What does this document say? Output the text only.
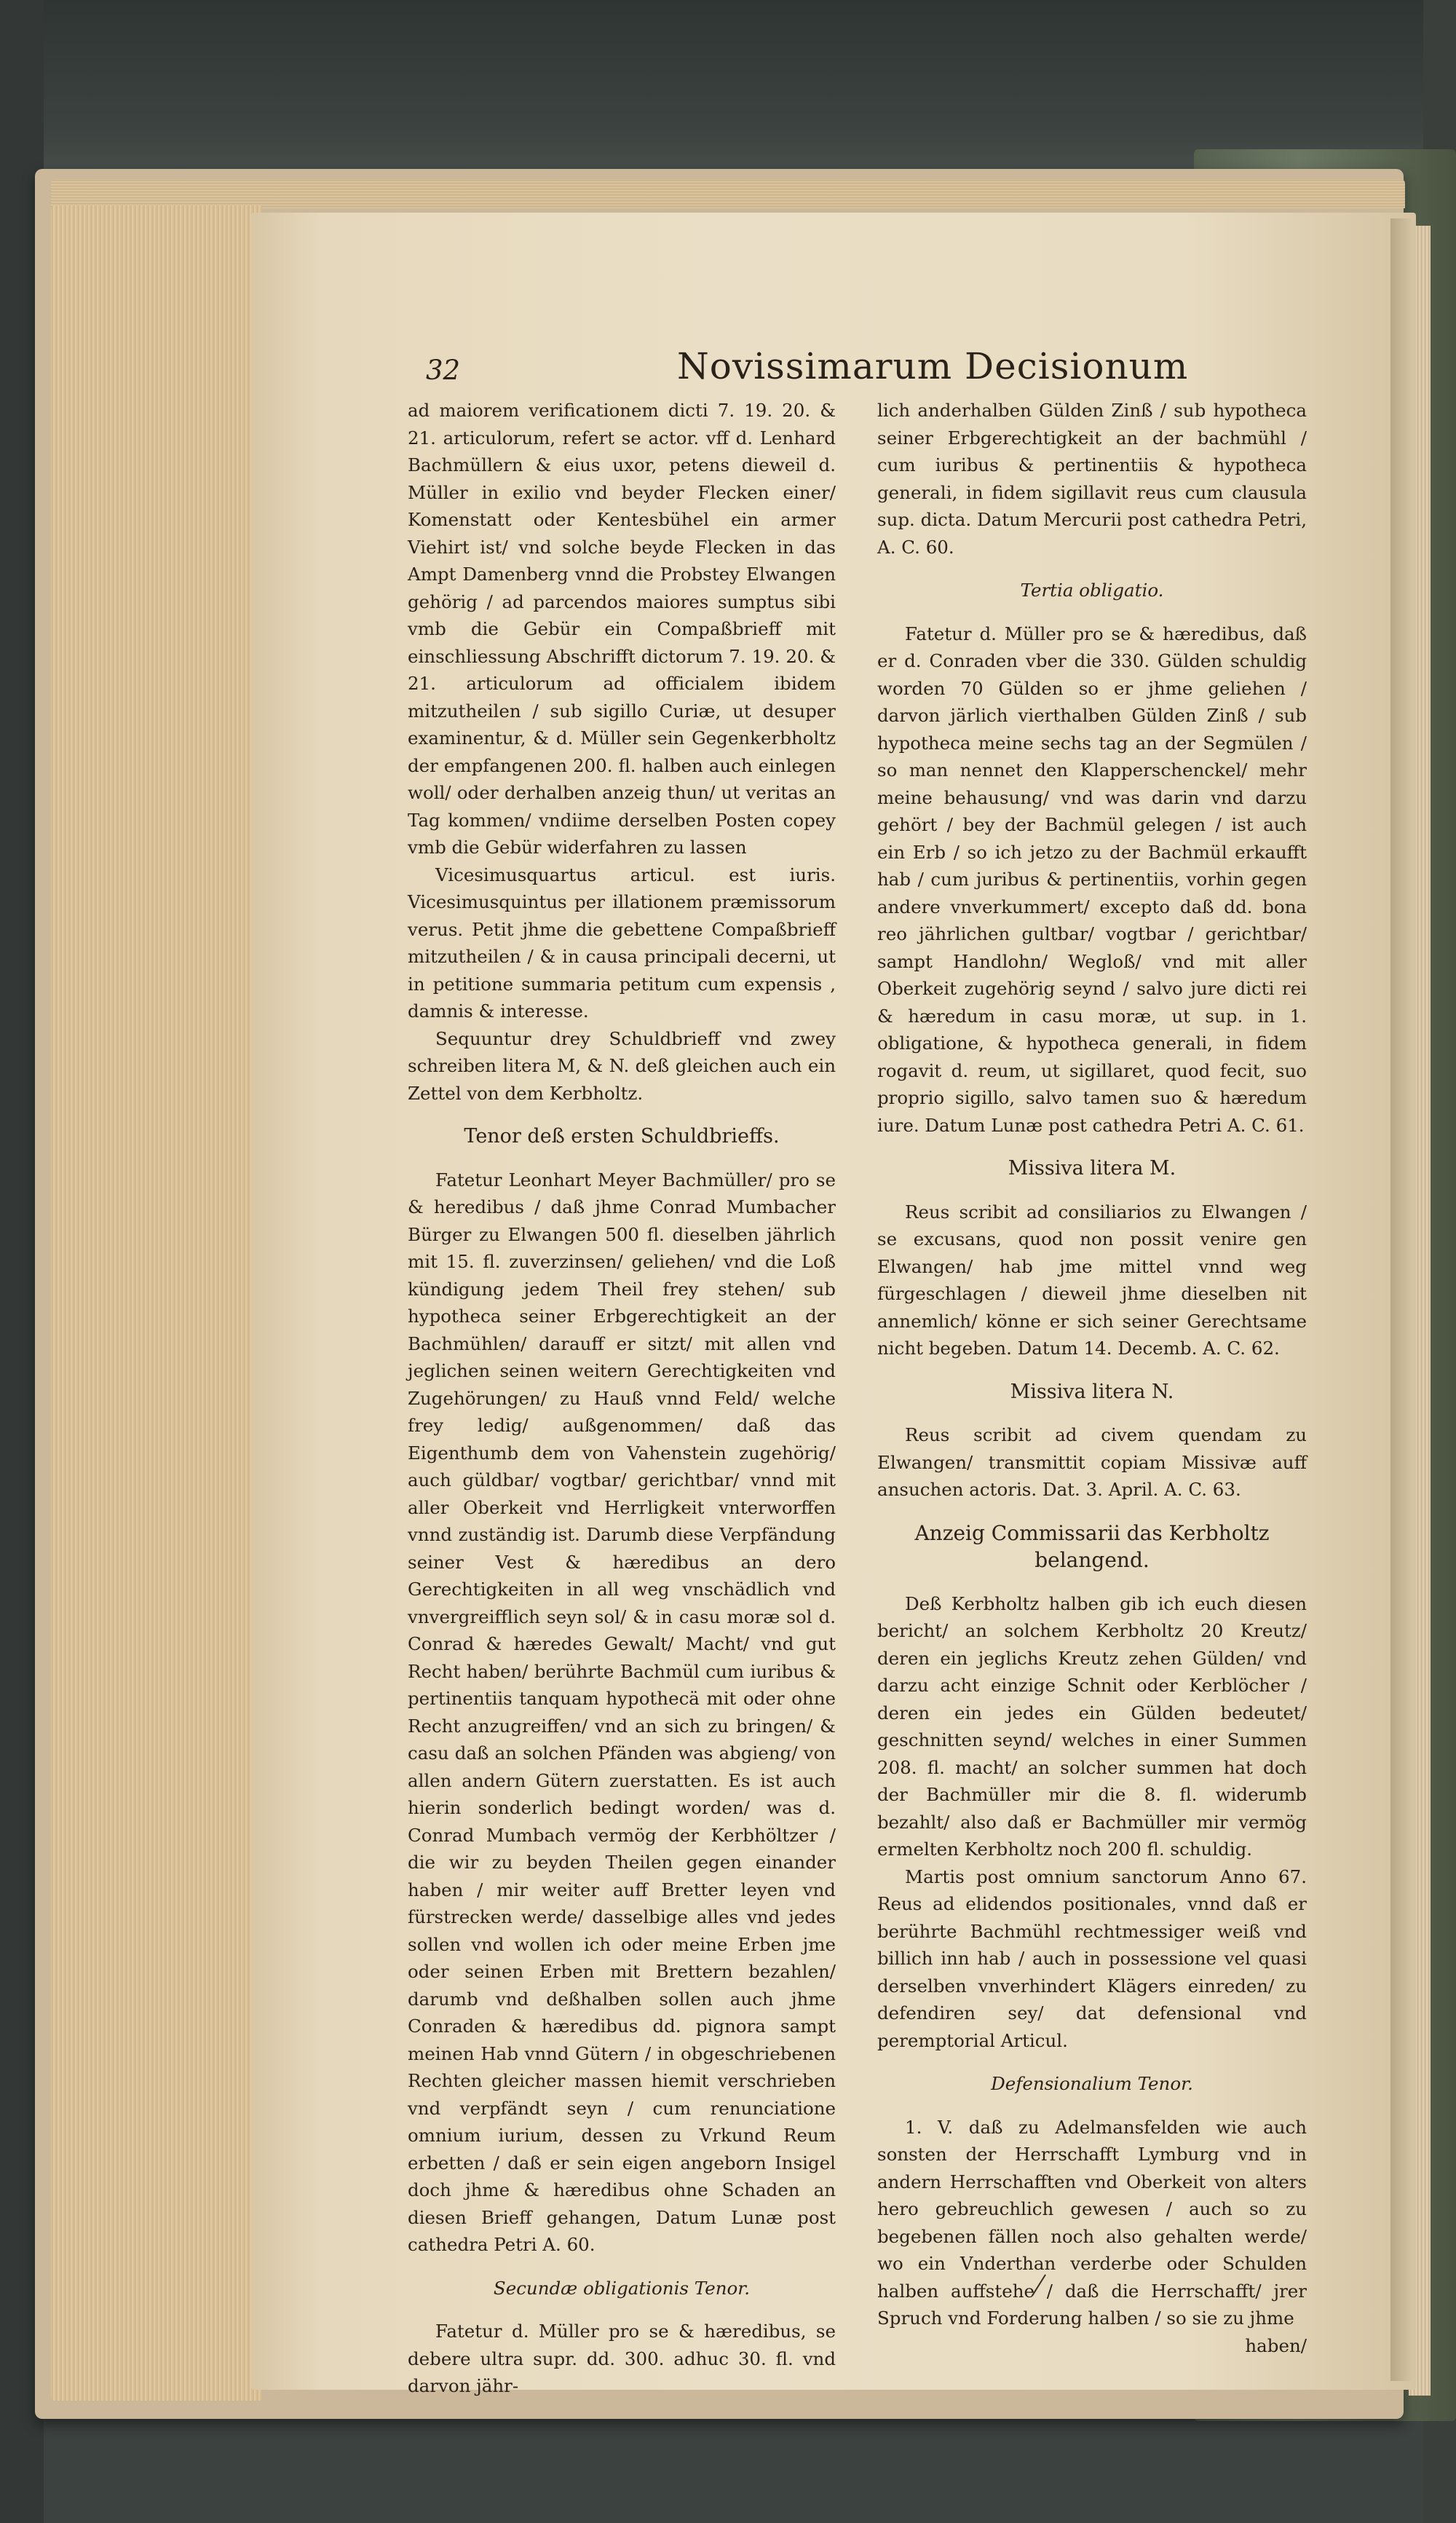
32	Novissimarum Decisionum

ad maiorem verificationem dicti 7. 19. 20. & 21. articulorum, refert se actor. vff d. Lenhard Bachmüllern & eius uxor, petens dieweil d. Müller in exilio vnd beyder Flecken einer/ Komenstatt oder Kentesbühel ein armer Viehirt ist/ vnd solche beyde Flecken in das Ampt Damenberg vnnd die Probstey Elwangen gehörig / ad parcendos maiores sumptus sibi vmb die Gebür ein Compaßbrieff mit einschliessung Abschrifft dictorum 7. 19. 20. & 21. articulorum ad officialem ibidem mitzutheilen / sub sigillo Curiæ, ut desuper examinentur, & d. Müller sein Gegenkerbholtz der empfangenen 200. fl. halben auch einlegen woll/ oder derhalben anzeig thun/ ut veritas an Tag kommen/ vndiime derselben Posten copey vmb die Gebür widerfahren zu lassen

Vicesimusquartus articul. est iuris. Vicesimusquintus per illationem præmissorum verus. Petit jhme die gebettene Compaßbrieff mitzutheilen / & in causa principali decerni, ut in petitione summaria petitum cum expensis , damnis & interesse.

Sequuntur drey Schuldbrieff vnd zwey schreiben litera M, & N. deß gleichen auch ein Zettel von dem Kerbholtz.

Tenor deß ersten Schuldbrieffs.

Fatetur Leonhart Meyer Bachmüller/ pro se & heredibus / daß jhme Conrad Mumbacher Bürger zu Elwangen 500 fl. dieselben jährlich mit 15. fl. zuverzinsen/ geliehen/ vnd die Loß kündigung jedem Theil frey stehen/ sub hypotheca seiner Erbgerechtigkeit an der Bachmühlen/ darauff er sitzt/ mit allen vnd jeglichen seinen weitern Gerechtigkeiten vnd Zugehörungen/ zu Hauß vnnd Feld/ welche frey ledig/ außgenommen/ daß das Eigenthumb dem von Vahenstein zugehörig/ auch güldbar/ vogtbar/ gerichtbar/ vnnd mit aller Oberkeit vnd Herrligkeit vnterworffen vnnd zuständig ist. Darumb diese Verpfändung seiner Vest & hæredibus an dero Gerechtigkeiten in all weg vnschädlich vnd vnvergreifflich seyn sol/ & in casu moræ sol d. Conrad & hæredes Gewalt/ Macht/ vnd gut Recht haben/ berührte Bachmül cum iuribus & pertinentiis tanquam hypothecä mit oder ohne Recht anzugreiffen/ vnd an sich zu bringen/ & casu daß an solchen Pfänden was abgieng/ von allen andern Gütern zuerstatten. Es ist auch hierin sonderlich bedingt worden/ was d. Conrad Mumbach vermög der Kerbhöltzer / die wir zu beyden Theilen gegen einander haben / mir weiter auff Bretter leyen vnd fürstrecken werde/ dasselbige alles vnd jedes sollen vnd wollen ich oder meine Erben jme oder seinen Erben mit Brettern bezahlen/ darumb vnd deßhalben sollen auch jhme Conraden & hæredibus dd. pignora sampt meinen Hab vnnd Gütern / in obgeschriebenen Rechten gleicher massen hiemit verschrieben vnd verpfändt seyn / cum renunciatione omnium iurium, dessen zu Vrkund Reum erbetten / daß er sein eigen angeborn Insigel doch jhme & hæredibus ohne Schaden an diesen Brieff gehangen, Datum Lunæ post cathedra Petri A. 60.

Secundæ obligationis Tenor.

Fatetur d. Müller pro se & hæredibus, se debere ultra supr. dd. 300. adhuc 30. fl. vnd darvon jähr-

lich anderhalben Gülden Zinß / sub hypotheca seiner Erbgerechtigkeit an der bachmühl / cum iuribus & pertinentiis & hypotheca generali, in fidem sigillavit reus cum clausula sup. dicta. Datum Mercurii post cathedra Petri, A. C. 60.

Tertia obligatio.

Fatetur d. Müller pro se & hæredibus, daß er d. Conraden vber die 330. Gülden schuldig worden 70 Gülden so er jhme geliehen / darvon järlich vierthalben Gülden Zinß / sub hypotheca meine sechs tag an der Segmülen / so man nennet den Klapperschenckel/ mehr meine behausung/ vnd was darin vnd darzu gehört / bey der Bachmül gelegen / ist auch ein Erb / so ich jetzo zu der Bachmül erkaufft hab / cum juribus & pertinentiis, vorhin gegen andere vnverkummert/ excepto daß dd. bona reo jährlichen gultbar/ vogtbar / gerichtbar/ sampt Handlohn/ Wegloß/ vnd mit aller Oberkeit zugehörig seynd / salvo jure dicti rei & hæredum in casu moræ, ut sup. in 1. obligatione, & hypotheca generali, in fidem rogavit d. reum, ut sigillaret, quod fecit, suo proprio sigillo, salvo tamen suo & hæredum iure. Datum Lunæ post cathedra Petri A. C. 61.

Missiva litera M.

Reus scribit ad consiliarios zu Elwangen / se excusans, quod non possit venire gen Elwangen/ hab jme mittel vnnd weg fürgeschlagen / dieweil jhme dieselben nit annemlich/ könne er sich seiner Gerechtsame nicht begeben. Datum 14. Decemb. A. C. 62.

Missiva litera N.

Reus scribit ad civem quendam zu Elwangen/ transmittit copiam Missivæ auff ansuchen actoris. Dat. 3. April. A. C. 63.

Anzeig Commissarii das Kerbholtz belangend.

Deß Kerbholtz halben gib ich euch diesen bericht/ an solchem Kerbholtz 20 Kreutz/ deren ein jeglichs Kreutz zehen Gülden/ vnd darzu acht einzige Schnit oder Kerblöcher / deren ein jedes ein Gülden bedeutet/ geschnitten seynd/ welches in einer Summen 208. fl. macht/ an solcher summen hat doch der Bachmüller mir die 8. fl. widerumb bezahlt/ also daß er Bachmüller mir vermög ermelten Kerbholtz noch 200 fl. schuldig.

Martis post omnium sanctorum Anno 67. Reus ad elidendos positionales, vnnd daß er berührte Bachmühl rechtmessiger weiß vnd billich inn hab / auch in possessione vel quasi derselben vnverhindert Klägers einreden/ zu defendiren sey/ dat defensional vnd peremptorial Articul.

Defensionalium Tenor.

1. V. daß zu Adelmansfelden wie auch sonsten der Herrschafft Lymburg vnd in andern Herrschafften vnd Oberkeit von alters hero gebreuchlich gewesen / auch so zu begebenen fällen noch also gehalten werde/ wo ein Vnderthan verderbe oder Schulden halben auffstehe / daß die Herrschafft/ jrer Spruch vnd Forderung halben / so sie zu jhme

haben/
